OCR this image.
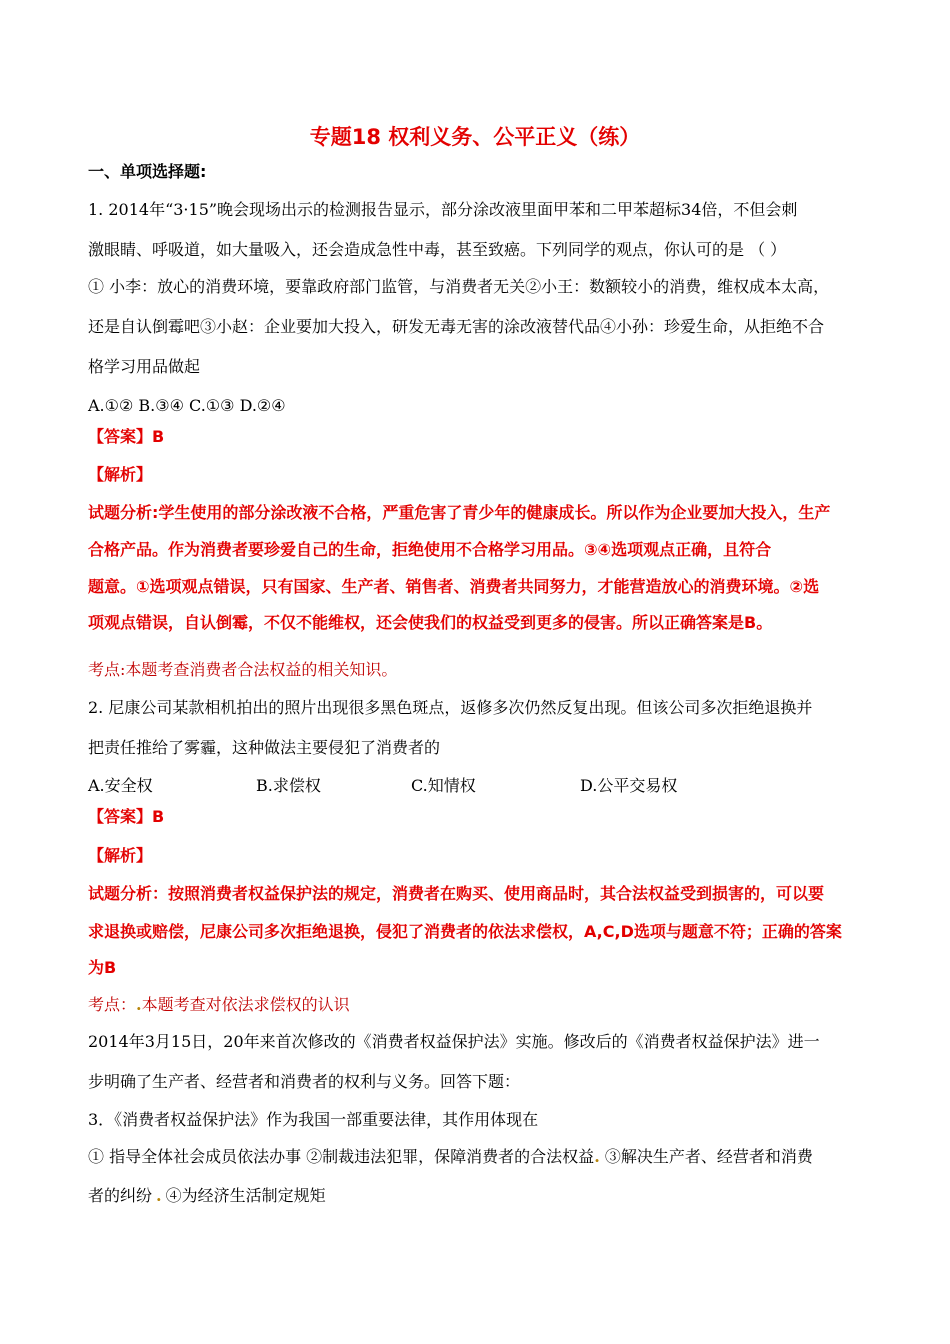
专题18 权利义务、公平正义（练）
一、单项选择题:
1. 2014年“3·15”晚会现场出示的检测报告显示，部分涂改液里面甲苯和二甲苯超标34倍，不但会刺
激眼睛、呼吸道，如大量吸入，还会造成急性中毒，甚至致癌。下列同学的观点，你认可的是 （ ）
① 小李：放心的消费环境，要靠政府部门监管，与消费者无关②小王：数额较小的消费，维权成本太高，
还是自认倒霉吧③小赵：企业要加大投入，研发无毒无害的涂改液替代品④小孙：珍爱生命，从拒绝不合
格学习用品做起
A.①② B.③④ C.①③ D.②④
【答案】B
【解析】
试题分析:学生使用的部分涂改液不合格，严重危害了青少年的健康成长。所以作为企业要加大投入，生产
合格产品。作为消费者要珍爱自己的生命，拒绝使用不合格学习用品。③④选项观点正确，且符合
题意。①选项观点错误，只有国家、生产者、销售者、消费者共同努力，才能营造放心的消费环境。②选
项观点错误，自认倒霉，不仅不能维权，还会使我们的权益受到更多的侵害。所以正确答案是B。
考点:本题考查消费者合法权益的相关知识。
2. 尼康公司某款相机拍出的照片出现很多黑色斑点，返修多次仍然反复出现。但该公司多次拒绝退换并
把责任推给了雾霾，这种做法主要侵犯了消费者的
A.安全权	B.求偿权	C.知情权	D.公平交易权
【答案】B
【解析】
试题分析：按照消费者权益保护法的规定，消费者在购买、使用商品时，其合法权益受到损害的，可以要
求退换或赔偿，尼康公司多次拒绝退换，侵犯了消费者的依法求偿权，A,C,D选项与题意不符；正确的答案
为B
考点：.本题考查对依法求偿权的认识
2014年3月15日，20年来首次修改的《消费者权益保护法》实施。修改后的《消费者权益保护法》进一
步明确了生产者、经营者和消费者的权利与义务。回答下题：
3．《消费者权益保护法》作为我国一部重要法律，其作用体现在
① 指导全体社会成员依法办事 ②制裁违法犯罪，保障消费者的合法权益. ③解决生产者、经营者和消费
者的纠纷 . ④为经济生活制定规矩
